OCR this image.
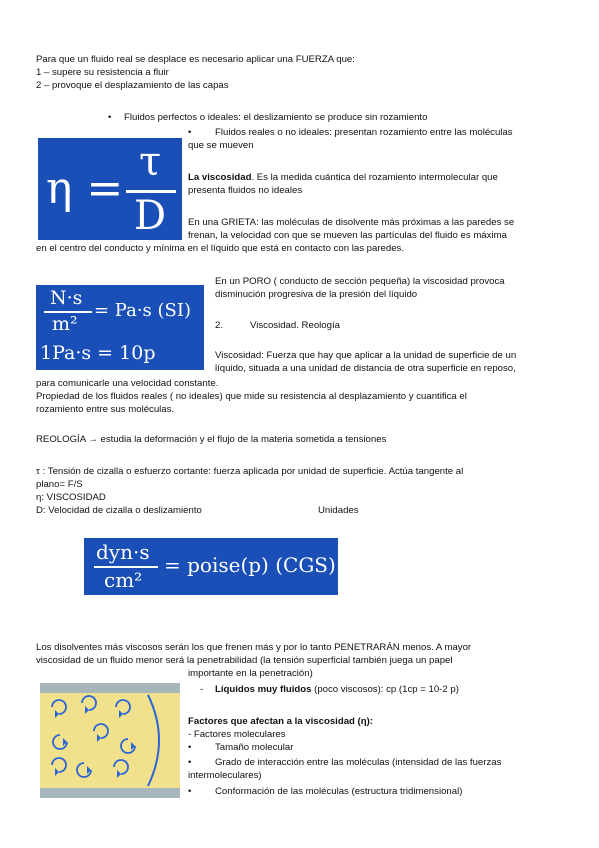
Para que un fluido real se desplace es necesario aplicar una FUERZA que:
1 – supere su resistencia a fluir
2 – provoque el desplazamiento de las capas
• Fluidos perfectos o ideales: el deslizamiento se produce sin rozamiento
• Fluidos reales o no ideales: presentan rozamiento entre las moléculas
que se mueven
η =
τ
D
La viscosidad. Es la medida cuántica del rozamiento intermolecular que
presenta fluidos no ideales
En una GRIETA: las moléculas de disolvente más próximas a las paredes se
frenan, la velocidad con que se mueven las partículas del fluido es máxima
en el centro del conducto y mínima en el líquido que está en contacto con las paredes.
En un PORO ( conducto de sección pequeña) la viscosidad provoca
disminución progresiva de la presión del líquido
N·s
m²
= Pa·s (SI)
1Pa·s = 10p
2.	Viscosidad. Reología
Viscosidad: Fuerza que hay que aplicar a la unidad de superficie de un
líquido, situada a una unidad de distancia de otra superficie en reposo,
para comunicarle una velocidad constante.
Propiedad de los fluidos reales ( no ideales) que mide su resistencia al desplazamiento y cuantifica el
rozamiento entre sus moléculas.
REOLOGÍA → estudia la deformación y el flujo de la materia sometida a tensiones
τ : Tensión de cizalla o esfuerzo cortante: fuerza aplicada por unidad de superficie. Actúa tangente al
plano= F/S
η: VISCOSIDAD
D: Velocidad de cizalla o deslizamiento	Unidades
dyn·s
cm²
= poise(p) (CGS)
Los disolventes más viscosos serán los que frenen más y por lo tanto PENETRARÁN menos. A mayor
viscosidad de un fluido menor será la penetrabilidad (la tensión superficial también juega un papel
importante en la penetración)
- Líquidos muy fluidos (poco viscosos): cp (1cp = 10-2 p)
Factores que afectan a la viscosidad (η):
- Factores moleculares
• Tamaño molecular
• Grado de interacción entre las moléculas (intensidad de las fuerzas
intermoleculares)
• Conformación de las moléculas (estructura tridimensional)
